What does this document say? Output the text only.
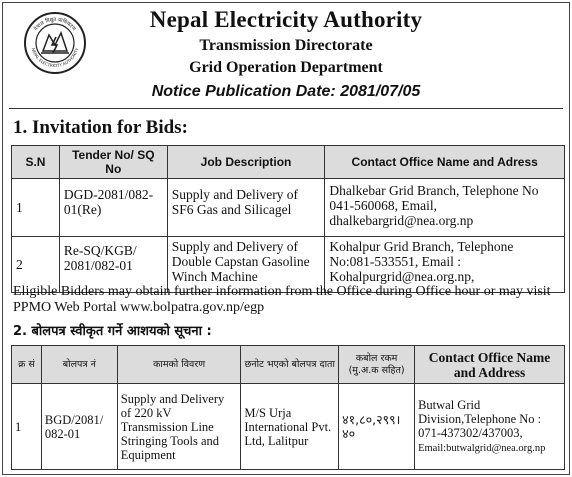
नेपाल विद्युत प्राधिकरण
NEPAL ELECTRICITY AUTHORITY
Nepal Electricity Authority
Transmission Directorate
Grid Operation Department
Notice Publication Date: 2081/07/05
1. Invitation for Bids:
S.N	Tender No/ SQ No	Job Description	Contact Office Name and Adress
1	DGD-2081/082-01(Re)	Supply and Delivery of SF6 Gas and Silicagel	Dhalkebar Grid Branch, Telephone No 041-560068, Email, dhalkebargrid@nea.org.np
2	Re-SQ/KGB/ 2081/082-01	Supply and Delivery of Double Capstan Gasoline Winch Machine	Kohalpur Grid Branch, Telephone No:081-533551, Email : Kohalpurgrid@nea.org.np,
Eligible Bidders may obtain further information from the Office during Office hour or may visit PPMO Web Portal www.bolpatra.gov.np/egp
2. बोलपत्र स्वीकृत गर्ने आशयको सूचना :
क्र सं	बोलपत्र नं	कामको विवरण	छनोट भएको बोलपत्र दाता	कबोल रकम (मु.अ.क सहित)	Contact Office Name and Address
1	BGD/2081/ 082-01	Supply and Delivery of 220 kV Transmission Line Stringing Tools and Equipment	M/S Urja International Pvt. Ltd, Lalitpur	४१,८०,२९९।४०	Butwal Grid Division,Telephone No : 071-437302/437003,
Email:butwalgrid@nea.org.np
